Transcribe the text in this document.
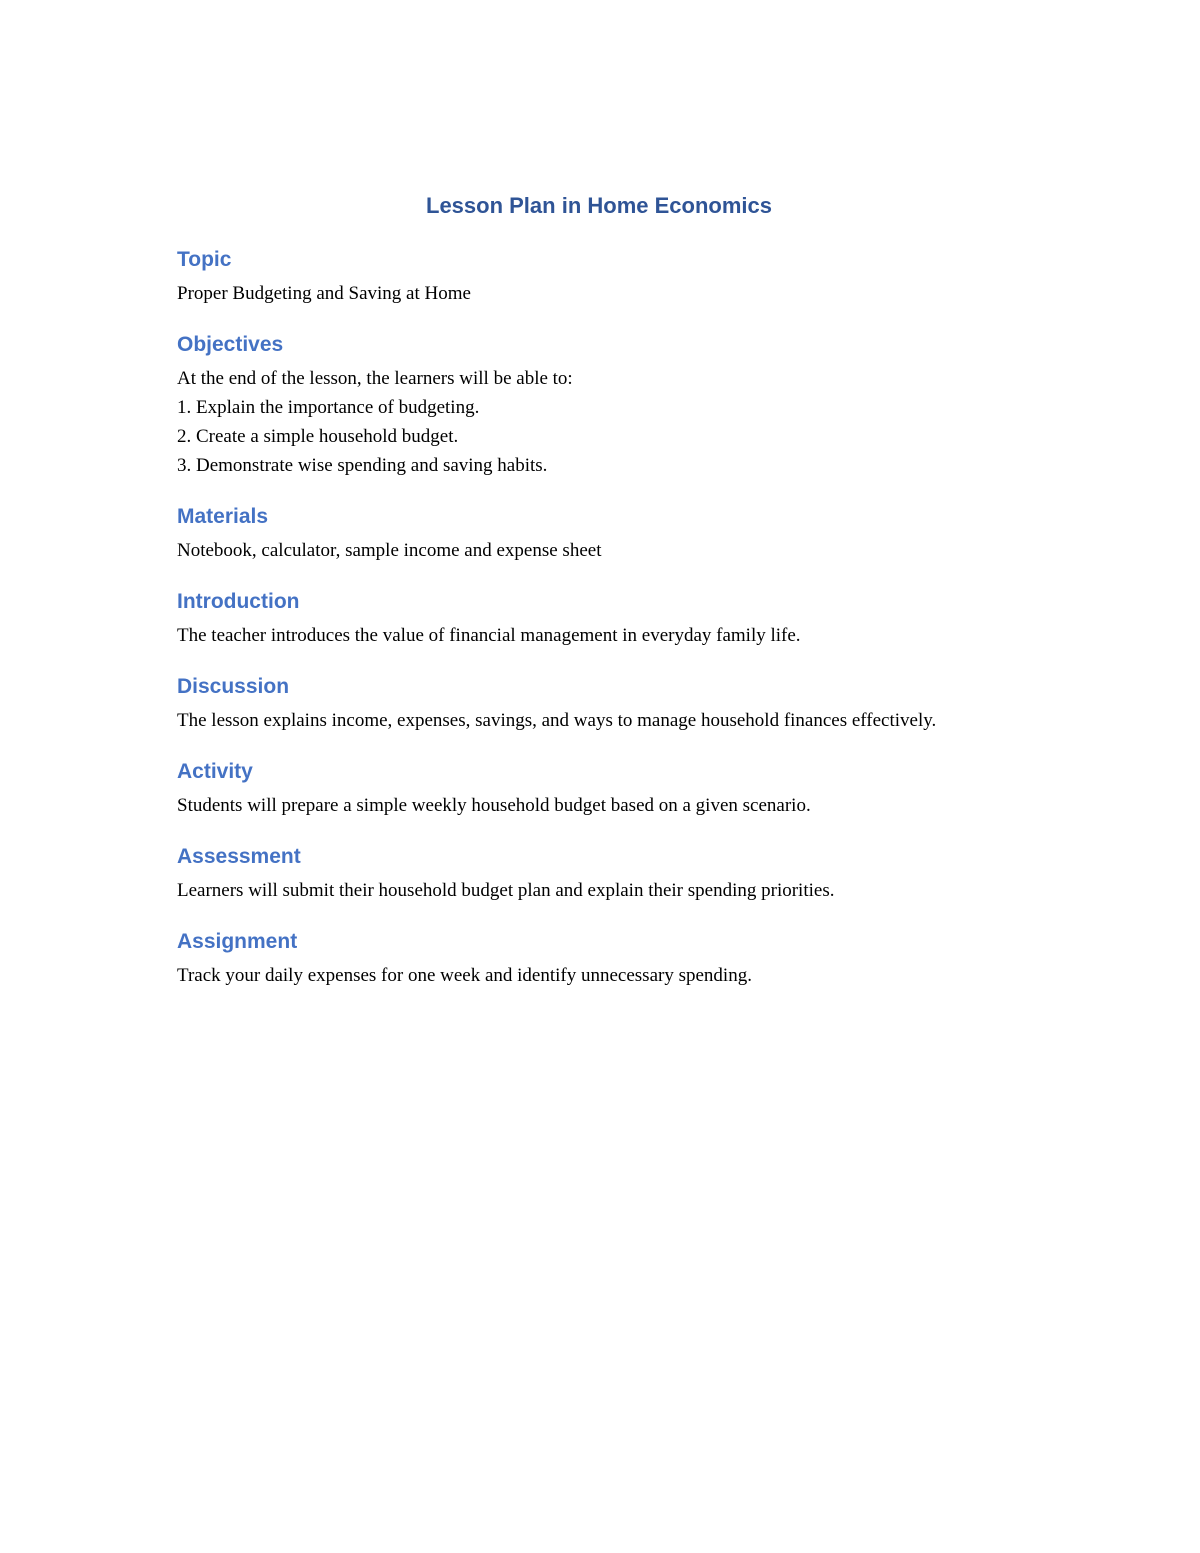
Lesson Plan in Home Economics
Topic

Proper Budgeting and Saving at Home

Objectives

At the end of the lesson, the learners will be able to:

1. Explain the importance of budgeting.

2. Create a simple household budget.

3. Demonstrate wise spending and saving habits.

Materials

Notebook, calculator, sample income and expense sheet

Introduction

The teacher introduces the value of financial management in everyday family life.

Discussion

The lesson explains income, expenses, savings, and ways to manage household finances effectively.

Activity

Students will prepare a simple weekly household budget based on a given scenario.

Assessment

Learners will submit their household budget plan and explain their spending priorities.

Assignment

Track your daily expenses for one week and identify unnecessary spending.
